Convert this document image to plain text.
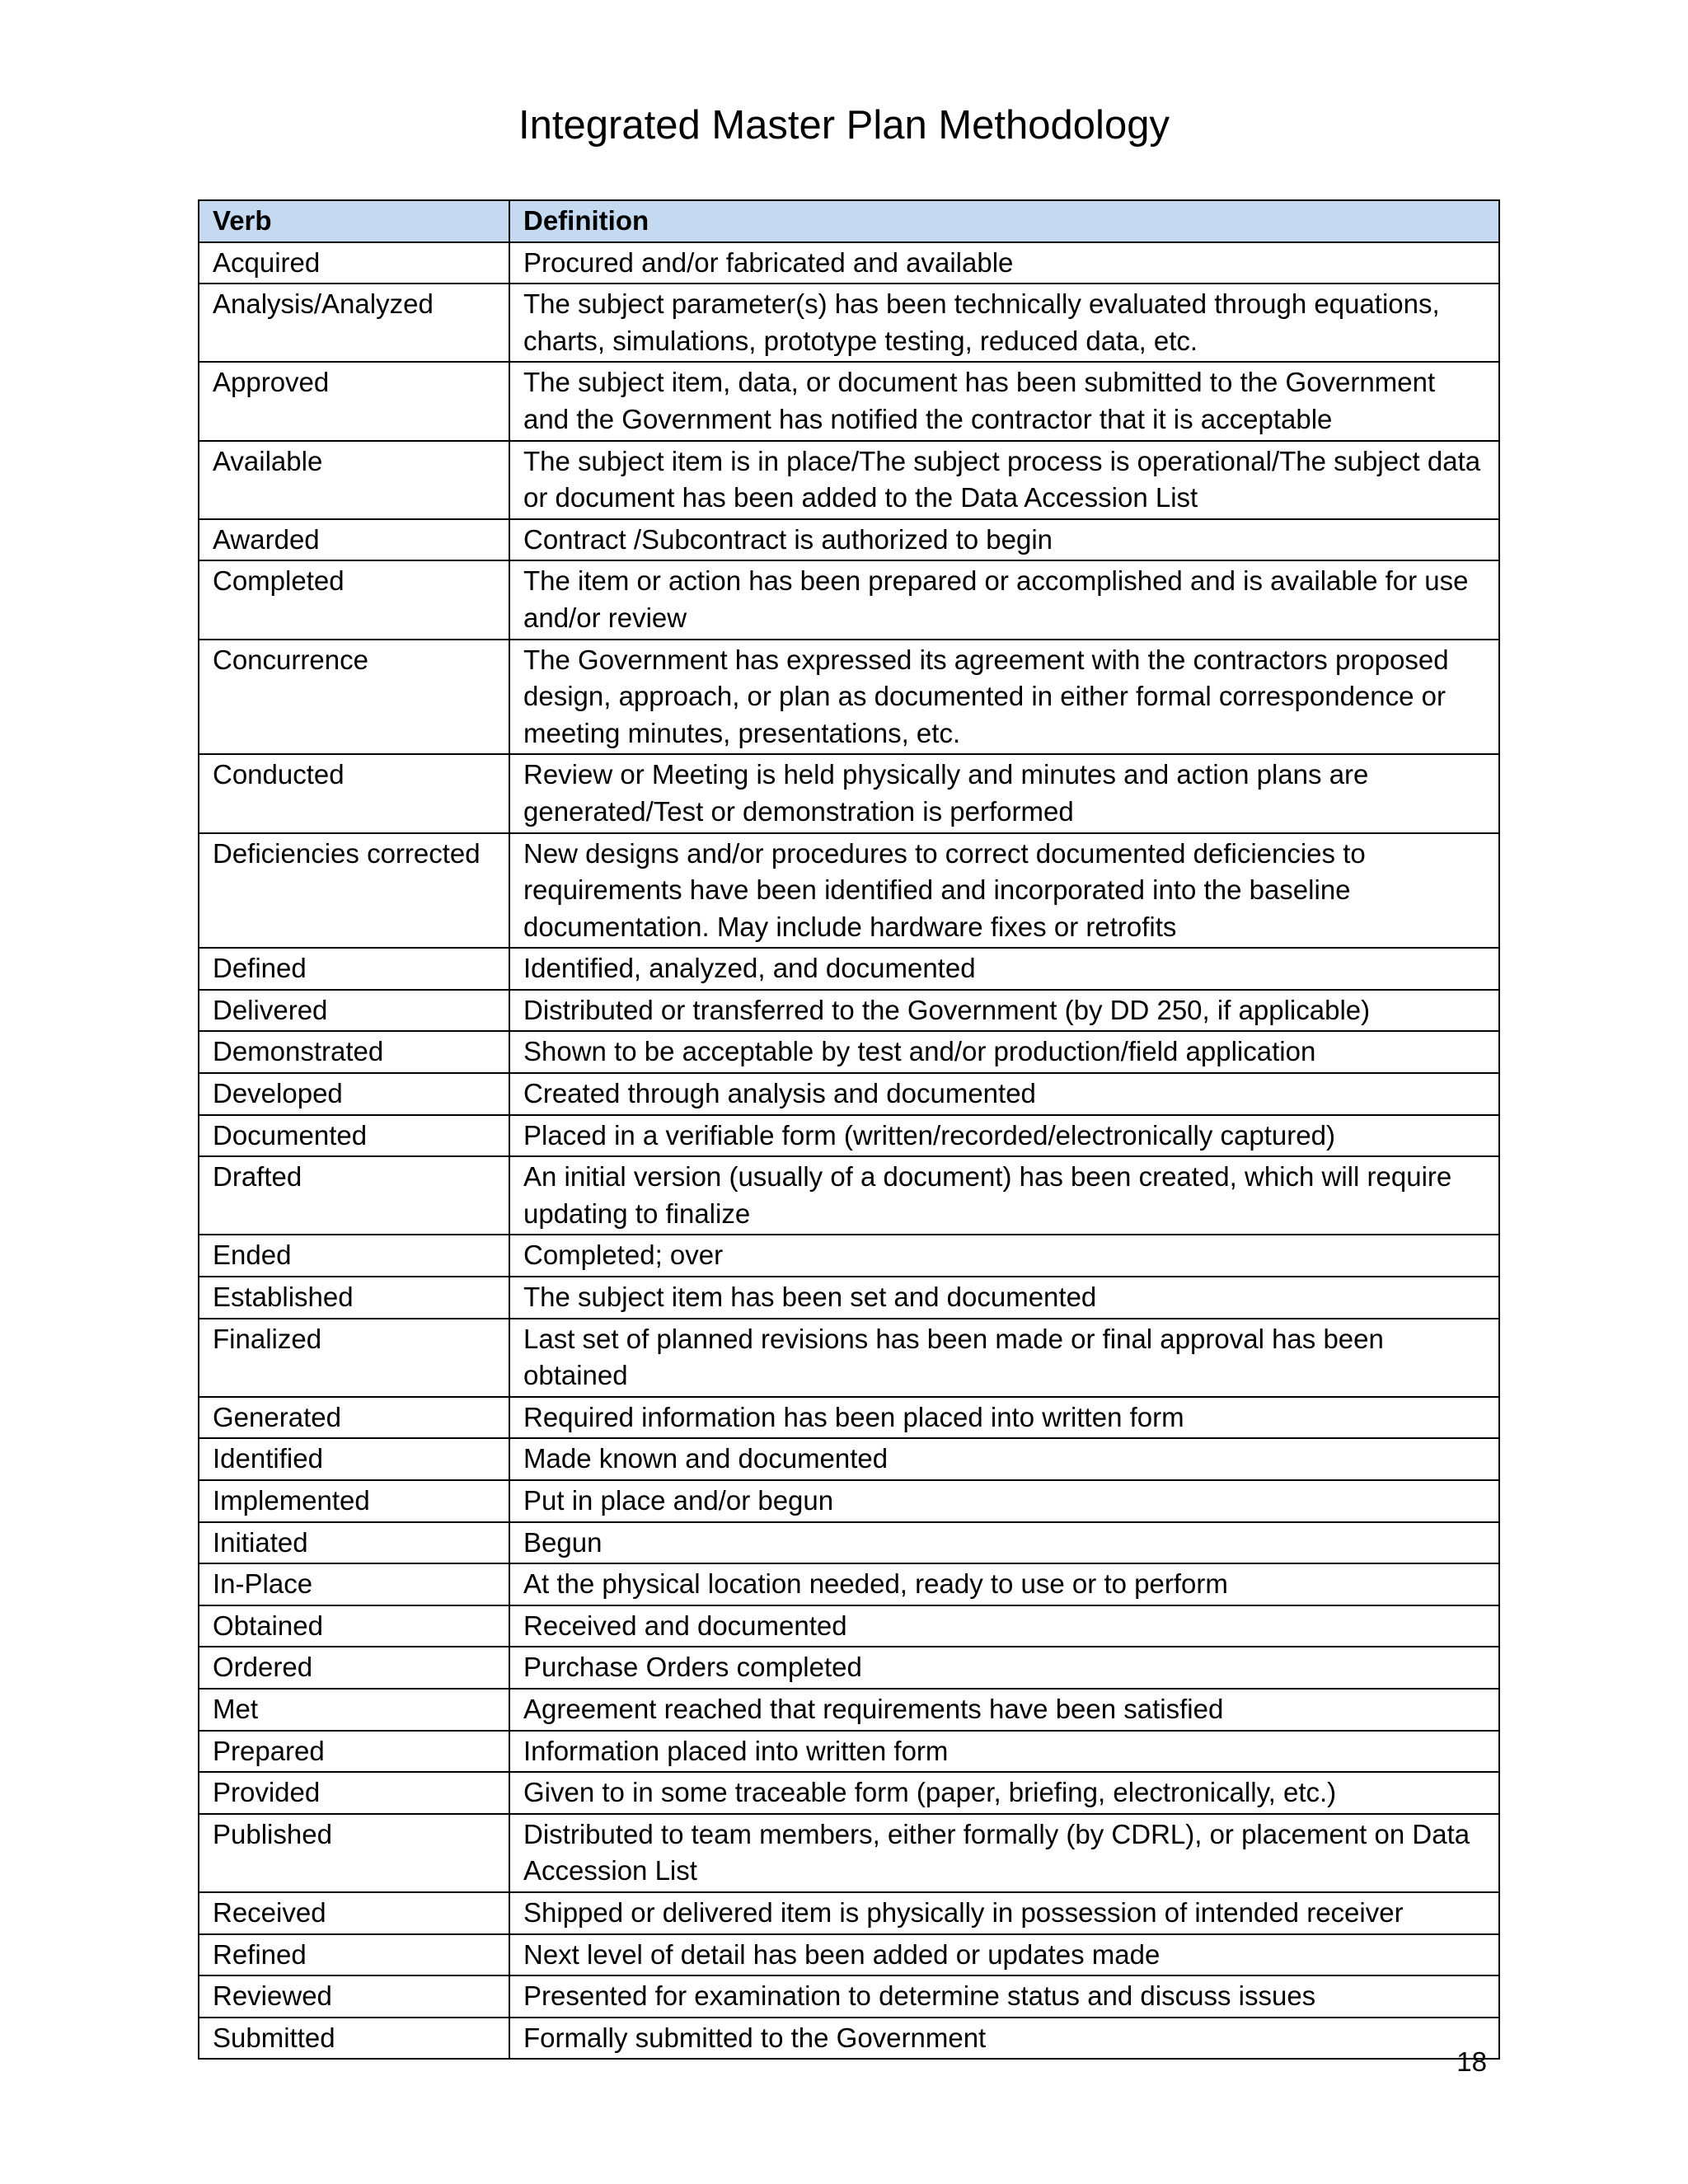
Integrated Master Plan Methodology
Verb	Definition
Acquired	Procured and/or fabricated and available
Analysis/Analyzed	The subject parameter(s) has been technically evaluated through equations, charts, simulations, prototype testing, reduced data, etc.
Approved	The subject item, data, or document has been submitted to the Government and the Government has notified the contractor that it is acceptable
Available	The subject item is in place/The subject process is operational/The subject data or document has been added to the Data Accession List
Awarded	Contract /Subcontract is authorized to begin
Completed	The item or action has been prepared or accomplished and is available for use and/or review
Concurrence	The Government has expressed its agreement with the contractors proposed design, approach, or plan as documented in either formal correspondence or meeting minutes, presentations, etc.
Conducted	Review or Meeting is held physically and minutes and action plans are generated/Test or demonstration is performed
Deficiencies corrected	New designs and/or procedures to correct documented deficiencies to requirements have been identified and incorporated into the baseline documentation. May include hardware fixes or retrofits
Defined	Identified, analyzed, and documented
Delivered	Distributed or transferred to the Government (by DD 250, if applicable)
Demonstrated	Shown to be acceptable by test and/or production/field application
Developed	Created through analysis and documented
Documented	Placed in a verifiable form (written/recorded/electronically captured)
Drafted	An initial version (usually of a document) has been created, which will require updating to finalize
Ended	Completed; over
Established	The subject item has been set and documented
Finalized	Last set of planned revisions has been made or final approval has been obtained
Generated	Required information has been placed into written form
Identified	Made known and documented
Implemented	Put in place and/or begun
Initiated	Begun
In-Place	At the physical location needed, ready to use or to perform
Obtained	Received and documented
Ordered	Purchase Orders completed
Met	Agreement reached that requirements have been satisfied
Prepared	Information placed into written form
Provided	Given to in some traceable form (paper, briefing, electronically, etc.)
Published	Distributed to team members, either formally (by CDRL), or placement on Data Accession List
Received	Shipped or delivered item is physically in possession of intended receiver
Refined	Next level of detail has been added or updates made
Reviewed	Presented for examination to determine status and discuss issues
Submitted	Formally submitted to the Government
18
